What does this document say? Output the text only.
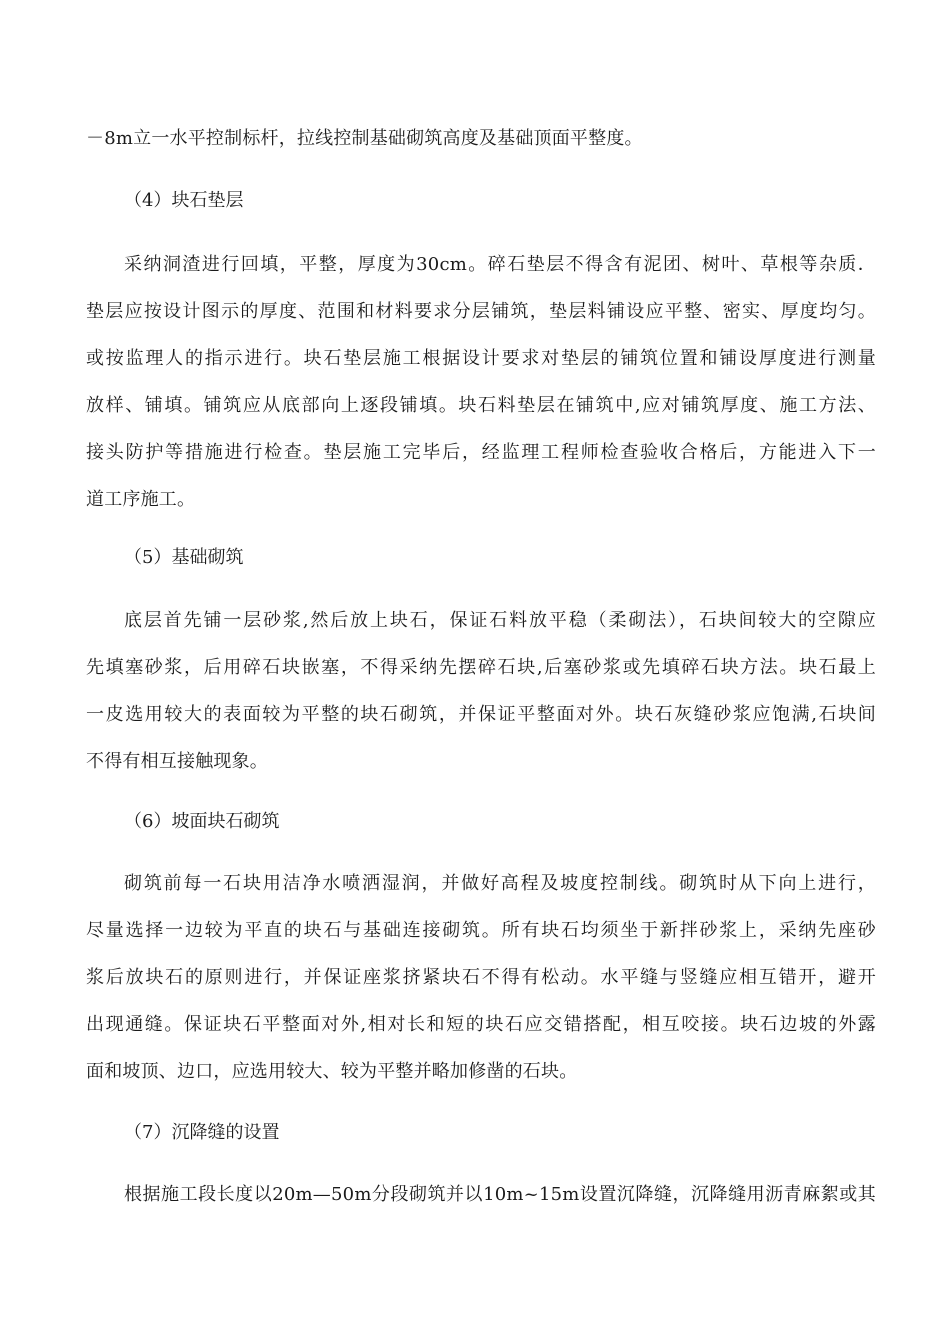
－8m立一水平控制标杆，拉线控制基础砌筑高度及基础顶面平整度。
（4）块石垫层
采纳洞渣进行回填，平整，厚度为30cm。碎石垫层不得含有泥团、树叶、草根等杂质．
垫层应按设计图示的厚度、范围和材料要求分层铺筑，垫层料铺设应平整、密实、厚度均匀。
或按监理人的指示进行。块石垫层施工根据设计要求对垫层的铺筑位置和铺设厚度进行测量
放样、铺填。铺筑应从底部向上逐段铺填。块石料垫层在铺筑中,应对铺筑厚度、施工方法、
接头防护等措施进行检查。垫层施工完毕后，经监理工程师检查验收合格后，方能进入下一
道工序施工。
（5）基础砌筑
底层首先铺一层砂浆,然后放上块石，保证石料放平稳（柔砌法），石块间较大的空隙应
先填塞砂浆，后用碎石块嵌塞，不得采纳先摆碎石块,后塞砂浆或先填碎石块方法。块石最上
一皮选用较大的表面较为平整的块石砌筑，并保证平整面对外。块石灰缝砂浆应饱满,石块间
不得有相互接触现象。
（6）坡面块石砌筑
砌筑前每一石块用洁净水喷洒湿润，并做好高程及坡度控制线。砌筑时从下向上进行，
尽量选择一边较为平直的块石与基础连接砌筑。所有块石均须坐于新拌砂浆上，采纳先座砂
浆后放块石的原则进行，并保证座浆挤紧块石不得有松动。水平缝与竖缝应相互错开，避开
出现通缝。保证块石平整面对外,相对长和短的块石应交错搭配，相互咬接。块石边坡的外露
面和坡顶、边口，应选用较大、较为平整并略加修凿的石块。
（7）沉降缝的设置
根据施工段长度以20m—50m分段砌筑并以10m~15m设置沉降缝，沉降缝用沥青麻絮或其
